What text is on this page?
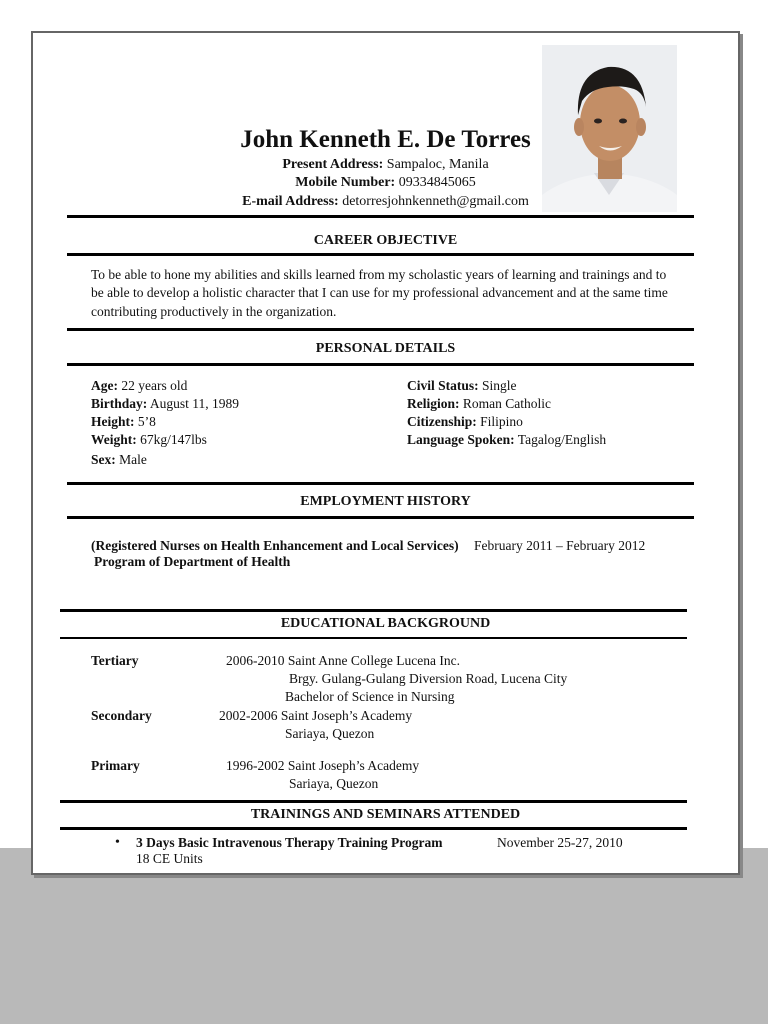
John Kenneth E. De Torres
Present Address: Sampaloc, Manila
Mobile Number: 09334845065
E-mail Address: detorresjohnkenneth@gmail.com
CAREER OBJECTIVE
To be able to hone my abilities and skills learned from my scholastic years of learning and trainings and to be able to develop a holistic character that I can use for my professional advancement and at the same time contributing productively in the organization.
PERSONAL DETAILS
Age: 22 years old
Birthday: August 11, 1989
Height: 5’8
Weight: 67kg/147lbs
Sex: Male
Civil Status: Single
Religion: Roman Catholic
Citizenship: Filipino
Language Spoken: Tagalog/English
EMPLOYMENT HISTORY
(Registered Nurses on Health Enhancement and Local Services) February 2011 – February 2012
Program of Department of Health
EDUCATIONAL BACKGROUND
Tertiary	2006-2010 Saint Anne College Lucena Inc.
Brgy. Gulang-Gulang Diversion Road, Lucena City
Bachelor of Science in Nursing
Secondary	2002-2006 Saint Joseph’s Academy
Sariaya, Quezon
Primary	1996-2002 Saint Joseph’s Academy
Sariaya, Quezon
TRAININGS AND SEMINARS ATTENDED
• 3 Days Basic Intravenous Therapy Training Program	November 25-27, 2010
18 CE Units
